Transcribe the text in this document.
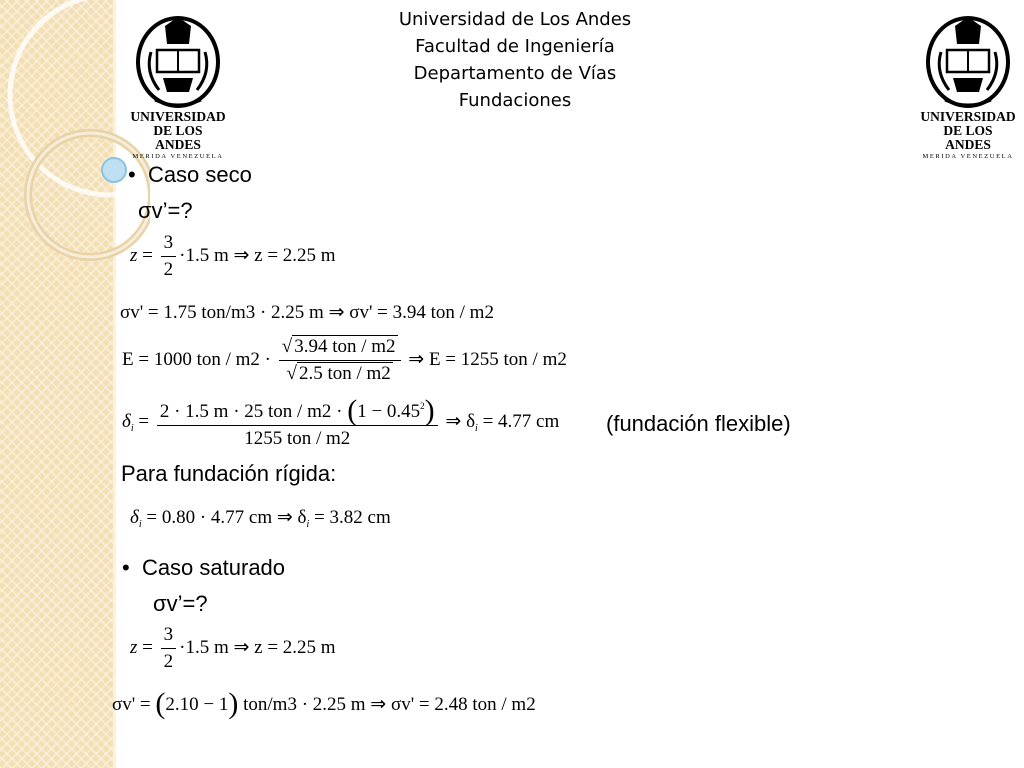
Universidad de Los Andes
Facultad de Ingeniería
Departamento de Vías
Fundaciones
UNIVERSIDAD
DE LOS ANDES
MERIDA VENEZUELA
UNIVERSIDAD
DE LOS ANDES
MERIDA VENEZUELA
• Caso seco
σv’=?
$z = \frac{3}{2} \cdot 1.5$ m ⇒ z = 2.25 m
σv' = 1.75 ton/m3 · 2.25 m ⇒ σv' = 3.94 ton / m2
E = 1000 ton / $m2 \cdot \frac{\text{√ 3.94 ton / m2}}{\text{√ 2.5 ton / m2}}$ ⇒ E = 1255 ton / m2
$\delta_i = \frac{2 \cdot 1.5 m \cdot 25 ton / m2 \cdot (1 - 0.45^2)}{\text{1255 ton / m2}}$ ⇒ $\delta_i = 4.77$ cm (fundación flexible)
Para fundación rígida:
$\delta_i = 0.80 \cdot 4.77$ cm ⇒ $\delta_i = 3.82$ cm
• Caso saturado
σv’=?
$z = \frac{3}{2} \cdot 1.5$ m ⇒ z = 2.25 m
σv' = (2.10 − 1) ton/m3 · 2.25 m ⇒ σv' = 2.48 ton / m2
